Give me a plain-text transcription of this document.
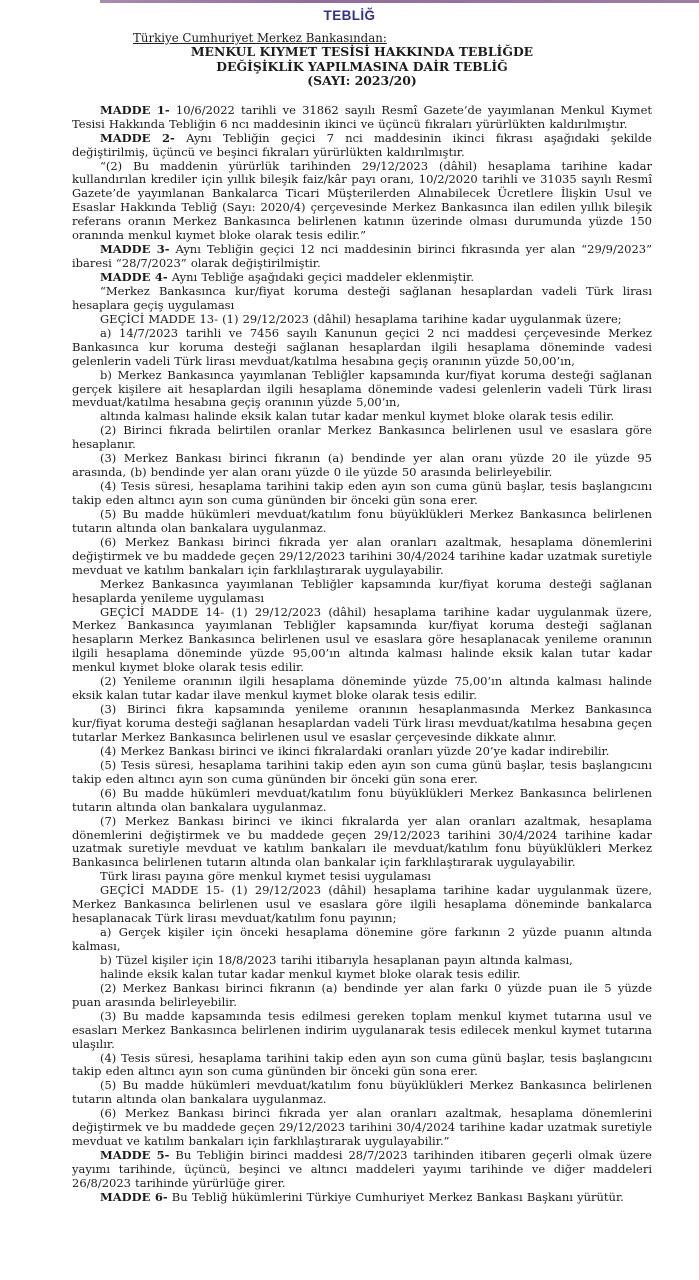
TEBLİĞ
Türkiye Cumhuriyet Merkez Bankasından:
MENKUL KIYMET TESİSİ HAKKINDA TEBLİĞDE
DEĞİŞİKLİK YAPILMASINA DAİR TEBLİĞ
(SAYI: 2023/20)

MADDE 1- 10/6/2022 tarihli ve 31862 sayılı Resmî Gazete’de yayımlanan Menkul Kıymet Tesisi Hakkında Tebliğin 6 ncı maddesinin ikinci ve üçüncü fıkraları yürürlükten kaldırılmıştır.

MADDE 2- Aynı Tebliğin geçici 7 nci maddesinin ikinci fıkrası aşağıdaki şekilde değiştirilmiş, üçüncü ve beşinci fıkraları yürürlükten kaldırılmıştır.

“(2) Bu maddenin yürürlük tarihinden 29/12/2023 (dâhil) hesaplama tarihine kadar kullandırılan krediler için yıllık bileşik faiz/kâr payı oranı, 10/2/2020 tarihli ve 31035 sayılı Resmî Gazete’de yayımlanan Bankalarca Ticari Müşterilerden Alınabilecek Ücretlere İlişkin Usul ve Esaslar Hakkında Tebliğ (Sayı: 2020/4) çerçevesinde Merkez Bankasınca ilan edilen yıllık bileşik referans oranın Merkez Bankasınca belirlenen katının üzerinde olması durumunda yüzde 150 oranında menkul kıymet bloke olarak tesis edilir.”

MADDE 3- Aynı Tebliğin geçici 12 nci maddesinin birinci fıkrasında yer alan “29/9/2023” ibaresi “28/7/2023” olarak değiştirilmiştir.

MADDE 4- Aynı Tebliğe aşağıdaki geçici maddeler eklenmiştir.

“Merkez Bankasınca kur/fiyat koruma desteği sağlanan hesaplardan vadeli Türk lirası hesaplara geçiş uygulaması

GEÇİCİ MADDE 13- (1) 29/12/2023 (dâhil) hesaplama tarihine kadar uygulanmak üzere;

a) 14/7/2023 tarihli ve 7456 sayılı Kanunun geçici 2 nci maddesi çerçevesinde Merkez Bankasınca kur koruma desteği sağlanan hesaplardan ilgili hesaplama döneminde vadesi gelenlerin vadeli Türk lirası mevduat/katılma hesabına geçiş oranının yüzde 50,00’ın,

b) Merkez Bankasınca yayımlanan Tebliğler kapsamında kur/fiyat koruma desteği sağlanan gerçek kişilere ait hesaplardan ilgili hesaplama döneminde vadesi gelenlerin vadeli Türk lirası mevduat/katılma hesabına geçiş oranının yüzde 5,00’ın,

altında kalması halinde eksik kalan tutar kadar menkul kıymet bloke olarak tesis edilir.

(2) Birinci fıkrada belirtilen oranlar Merkez Bankasınca belirlenen usul ve esaslara göre hesaplanır.

(3) Merkez Bankası birinci fıkranın (a) bendinde yer alan oranı yüzde 20 ile yüzde 95 arasında, (b) bendinde yer alan oranı yüzde 0 ile yüzde 50 arasında belirleyebilir.

(4) Tesis süresi, hesaplama tarihini takip eden ayın son cuma günü başlar, tesis başlangıcını takip eden altıncı ayın son cuma gününden bir önceki gün sona erer.

(5) Bu madde hükümleri mevduat/katılım fonu büyüklükleri Merkez Bankasınca belirlenen tutarın altında olan bankalara uygulanmaz.

(6) Merkez Bankası birinci fıkrada yer alan oranları azaltmak, hesaplama dönemlerini değiştirmek ve bu maddede geçen 29/12/2023 tarihini 30/4/2024 tarihine kadar uzatmak suretiyle mevduat ve katılım bankaları için farklılaştırarak uygulayabilir.

Merkez Bankasınca yayımlanan Tebliğler kapsamında kur/fiyat koruma desteği sağlanan hesaplarda yenileme uygulaması

GEÇİCİ MADDE 14- (1) 29/12/2023 (dâhil) hesaplama tarihine kadar uygulanmak üzere, Merkez Bankasınca yayımlanan Tebliğler kapsamında kur/fiyat koruma desteği sağlanan hesapların Merkez Bankasınca belirlenen usul ve esaslara göre hesaplanacak yenileme oranının ilgili hesaplama döneminde yüzde 95,00’ın altında kalması halinde eksik kalan tutar kadar menkul kıymet bloke olarak tesis edilir.

(2) Yenileme oranının ilgili hesaplama döneminde yüzde 75,00’ın altında kalması halinde eksik kalan tutar kadar ilave menkul kıymet bloke olarak tesis edilir.

(3) Birinci fıkra kapsamında yenileme oranının hesaplanmasında Merkez Bankasınca kur/fiyat koruma desteği sağlanan hesaplardan vadeli Türk lirası mevduat/katılma hesabına geçen tutarlar Merkez Bankasınca belirlenen usul ve esaslar çerçevesinde dikkate alınır.

(4) Merkez Bankası birinci ve ikinci fıkralardaki oranları yüzde 20’ye kadar indirebilir.

(5) Tesis süresi, hesaplama tarihini takip eden ayın son cuma günü başlar, tesis başlangıcını takip eden altıncı ayın son cuma gününden bir önceki gün sona erer.

(6) Bu madde hükümleri mevduat/katılım fonu büyüklükleri Merkez Bankasınca belirlenen tutarın altında olan bankalara uygulanmaz.

(7) Merkez Bankası birinci ve ikinci fıkralarda yer alan oranları azaltmak, hesaplama dönemlerini değiştirmek ve bu maddede geçen 29/12/2023 tarihini 30/4/2024 tarihine kadar uzatmak suretiyle mevduat ve katılım bankaları ile mevduat/katılım fonu büyüklükleri Merkez Bankasınca belirlenen tutarın altında olan bankalar için farklılaştırarak uygulayabilir.

Türk lirası payına göre menkul kıymet tesisi uygulaması

GEÇİCİ MADDE 15- (1) 29/12/2023 (dâhil) hesaplama tarihine kadar uygulanmak üzere, Merkez Bankasınca belirlenen usul ve esaslara göre ilgili hesaplama döneminde bankalarca hesaplanacak Türk lirası mevduat/katılım fonu payının;

a) Gerçek kişiler için önceki hesaplama dönemine göre farkının 2 yüzde puanın altında kalması,

b) Tüzel kişiler için 18/8/2023 tarihi itibarıyla hesaplanan payın altında kalması,

halinde eksik kalan tutar kadar menkul kıymet bloke olarak tesis edilir.

(2) Merkez Bankası birinci fıkranın (a) bendinde yer alan farkı 0 yüzde puan ile 5 yüzde puan arasında belirleyebilir.

(3) Bu madde kapsamında tesis edilmesi gereken toplam menkul kıymet tutarına usul ve esasları Merkez Bankasınca belirlenen indirim uygulanarak tesis edilecek menkul kıymet tutarına ulaşılır.

(4) Tesis süresi, hesaplama tarihini takip eden ayın son cuma günü başlar, tesis başlangıcını takip eden altıncı ayın son cuma gününden bir önceki gün sona erer.

(5) Bu madde hükümleri mevduat/katılım fonu büyüklükleri Merkez Bankasınca belirlenen tutarın altında olan bankalara uygulanmaz.

(6) Merkez Bankası birinci fıkrada yer alan oranları azaltmak, hesaplama dönemlerini değiştirmek ve bu maddede geçen 29/12/2023 tarihini 30/4/2024 tarihine kadar uzatmak suretiyle mevduat ve katılım bankaları için farklılaştırarak uygulayabilir.”

MADDE 5- Bu Tebliğin birinci maddesi 28/7/2023 tarihinden itibaren geçerli olmak üzere yayımı tarihinde, üçüncü, beşinci ve altıncı maddeleri yayımı tarihinde ve diğer maddeleri 26/8/2023 tarihinde yürürlüğe girer.

MADDE 6- Bu Tebliğ hükümlerini Türkiye Cumhuriyet Merkez Bankası Başkanı yürütür.
